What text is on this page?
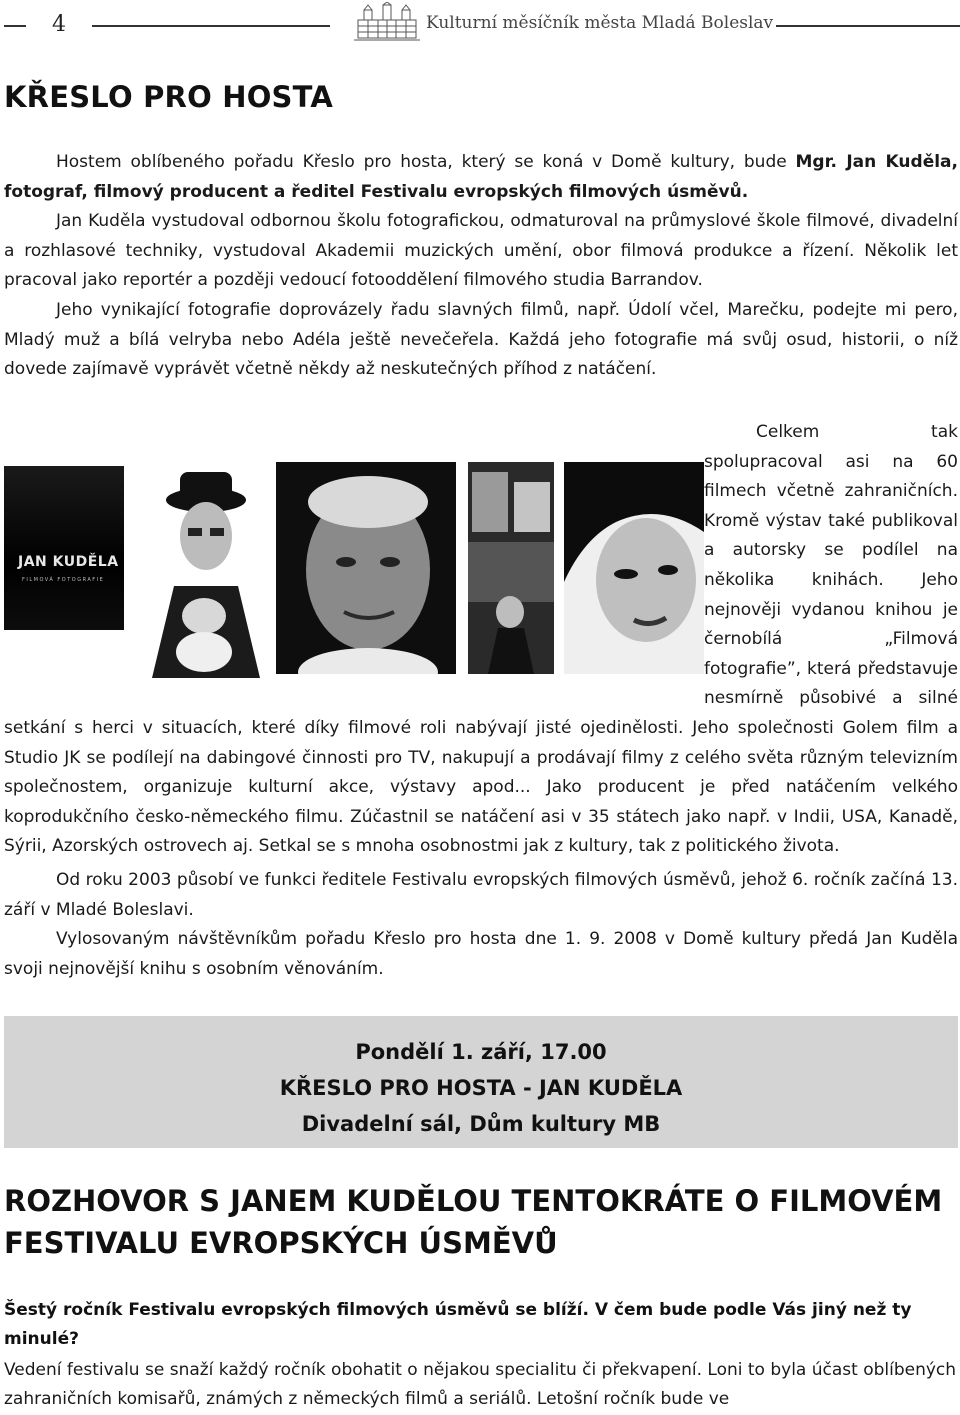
4	Kulturní měsíčník města Mladá Boleslav
KŘESLO PRO HOSTA

Hostem oblíbeného pořadu Křeslo pro hosta, který se koná v Domě kultury, bude Mgr. Jan Kuděla, fotograf, filmový producent a ředitel Festivalu evropských filmových úsměvů.

Jan Kuděla vystudoval odbornou školu fotografickou, odmaturoval na průmyslové škole filmové, divadelní a rozhlasové techniky, vystudoval Akademii muzických umění, obor filmová produkce a řízení. Několik let pracoval jako reportér a později vedoucí fotooddělení filmového studia Barrandov.

Jeho vynikající fotografie doprovázely řadu slavných filmů, např. Údolí včel, Marečku, podejte mi pero, Mladý muž a bílá velryba nebo Adéla ještě nevečeřela. Každá jeho fotografie má svůj osud, historii, o níž dovede zajímavě vyprávět včetně někdy až neskutečných příhod z natáčení.

JAN KUDĚLA
FILMOVÁ FOTOGRAFIE

Celkem tak spolupracoval asi na 60 filmech včetně zahraničních. Kromě výstav také publikoval a autorsky se podílel na několika knihách. Jeho nejnověji vydanou knihou je černobílá „Filmová fotografie”, která představuje nesmírně působivé a silné setkání s herci v situacích, které díky filmové roli nabývají jisté ojedinělosti. Jeho společnosti Golem film a Studio JK se podílejí na dabingové činnosti pro TV, nakupují a prodávají filmy z celého světa různým televizním společnostem, organizuje kulturní akce, výstavy apod... Jako producent je před natáčením velkého koprodukčního česko-německého filmu. Zúčastnil se natáčení asi v 35 státech jako např. v Indii, USA, Kanadě, Sýrii, Azorských ostrovech aj. Setkal se s mnoha osobnostmi jak z kultury, tak z politického života.

Od roku 2003 působí ve funkci ředitele Festivalu evropských filmových úsměvů, jehož 6. ročník začíná 13. září v Mladé Boleslavi.

Vylosovaným návštěvníkům pořadu Křeslo pro hosta dne 1. 9. 2008 v Domě kultury předá Jan Kuděla svoji nejnovější knihu s osobním věnováním.

Pondělí 1. září, 17.00
KŘESLO PRO HOSTA - JAN KUDĚLA
Divadelní sál, Dům kultury MB
ROZHOVOR S JANEM KUDĚLOU TENTOKRÁTE O FILMOVÉM
FESTIVALU EVROPSKÝCH ÚSMĚVŮ
Šestý ročník Festivalu evropských filmových úsměvů se blíží. V čem bude podle Vás jiný než ty minulé?
Vedení festivalu se snaží každý ročník obohatit o nějakou specialitu či překvapení. Loni to byla účast oblíbených zahraničních komisařů, známých z německých filmů a seriálů. Letošní ročník bude ve
